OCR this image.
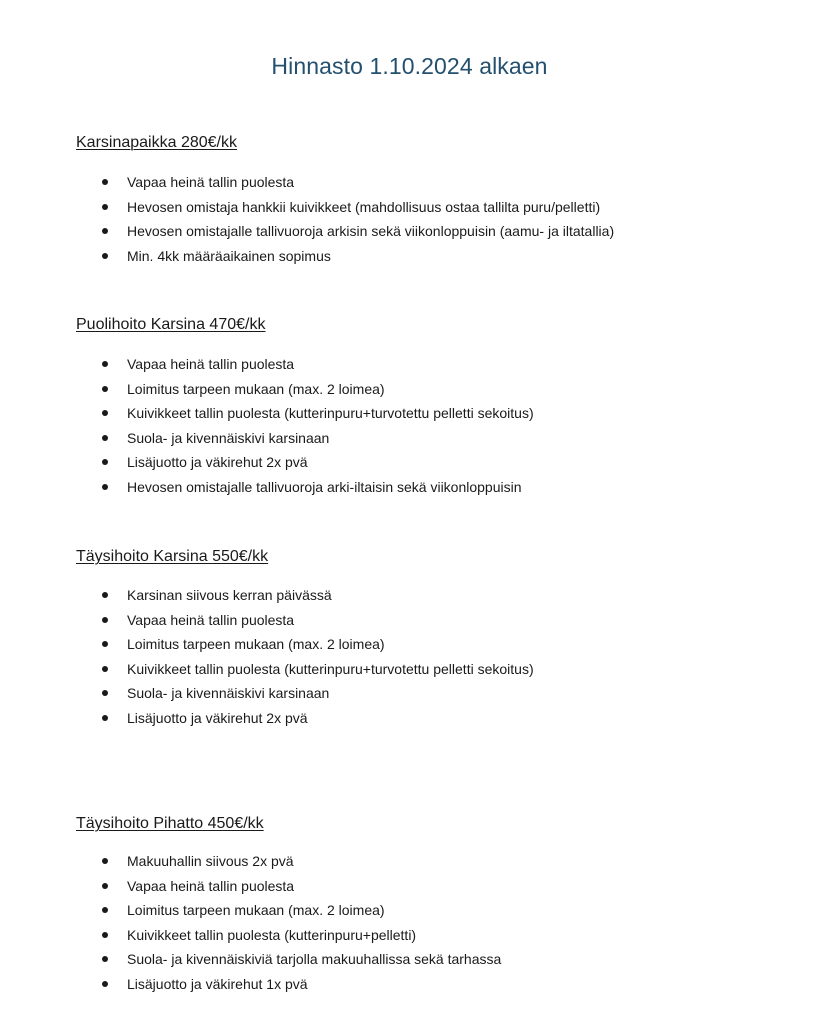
Hinnasto 1.10.2024 alkaen
Karsinapaikka 280€/kk
Vapaa heinä tallin puolesta
Hevosen omistaja hankkii kuivikkeet (mahdollisuus ostaa tallilta puru/pelletti)
Hevosen omistajalle tallivuoroja arkisin sekä viikonloppuisin (aamu- ja iltatallia)
Min. 4kk määräaikainen sopimus
Puolihoito Karsina 470€/kk
Vapaa heinä tallin puolesta
Loimitus tarpeen mukaan (max. 2 loimea)
Kuivikkeet tallin puolesta (kutterinpuru+turvotettu pelletti sekoitus)
Suola- ja kivennäiskivi karsinaan
Lisäjuotto ja väkirehut 2x pvä
Hevosen omistajalle tallivuoroja arki-iltaisin sekä viikonloppuisin
Täysihoito Karsina 550€/kk
Karsinan siivous kerran päivässä
Vapaa heinä tallin puolesta
Loimitus tarpeen mukaan (max. 2 loimea)
Kuivikkeet tallin puolesta (kutterinpuru+turvotettu pelletti sekoitus)
Suola- ja kivennäiskivi karsinaan
Lisäjuotto ja väkirehut 2x pvä
Täysihoito Pihatto 450€/kk
Makuuhallin siivous 2x pvä
Vapaa heinä tallin puolesta
Loimitus tarpeen mukaan (max. 2 loimea)
Kuivikkeet tallin puolesta (kutterinpuru+pelletti)
Suola- ja kivennäiskiviä tarjolla makuuhallissa sekä tarhassa
Lisäjuotto ja väkirehut 1x pvä
